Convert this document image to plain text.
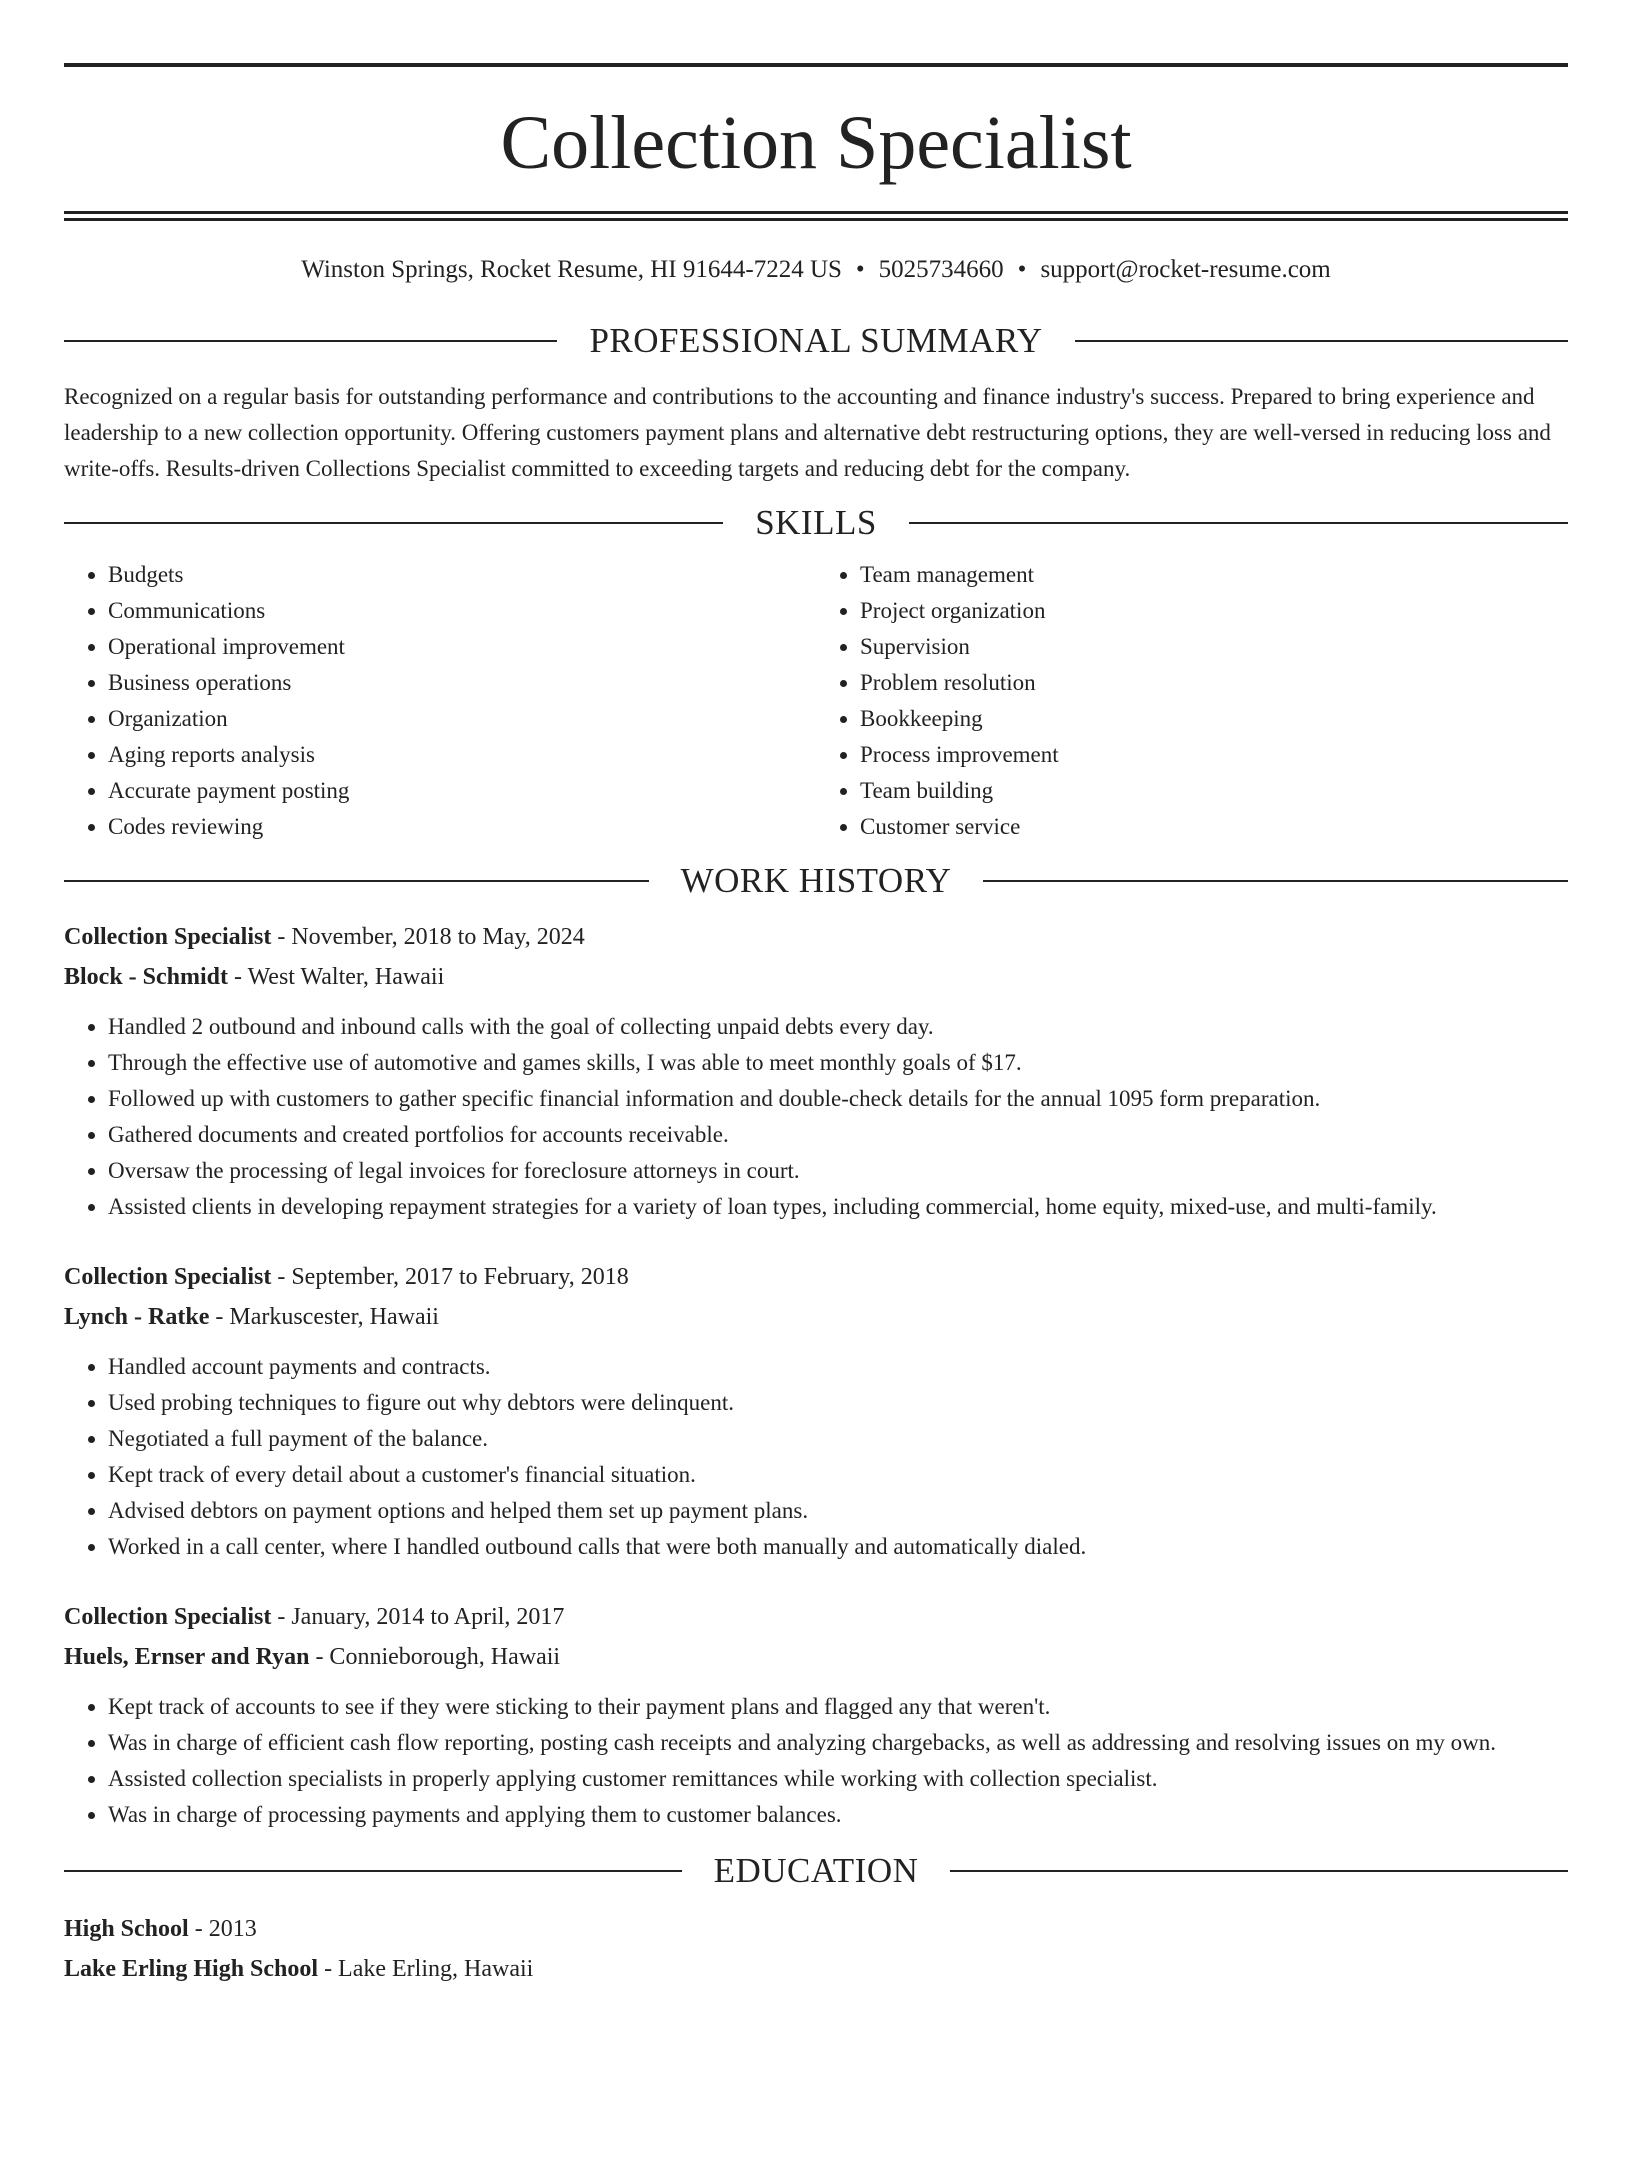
Collection Specialist
Winston Springs, Rocket Resume, HI 91644-7224 US • 5025734660 • support@rocket-resume.com
PROFESSIONAL SUMMARY

Recognized on a regular basis for outstanding performance and contributions to the accounting and finance industry's success. Prepared to bring experience and leadership to a new collection opportunity. Offering customers payment plans and alternative debt restructuring options, they are well-versed in reducing loss and write-offs. Results-driven Collections Specialist committed to exceeding targets and reducing debt for the company.

SKILLS
• Budgets
• Communications
• Operational improvement
• Business operations
• Organization
• Aging reports analysis
• Accurate payment posting
• Codes reviewing
• Team management
• Project organization
• Supervision
• Problem resolution
• Bookkeeping
• Process improvement
• Team building
• Customer service
WORK HISTORY
Collection Specialist - November, 2018 to May, 2024
Block - Schmidt - West Walter, Hawaii
• Handled 2 outbound and inbound calls with the goal of collecting unpaid debts every day.
• Through the effective use of automotive and games skills, I was able to meet monthly goals of $17.
• Followed up with customers to gather specific financial information and double-check details for the annual 1095 form preparation.
• Gathered documents and created portfolios for accounts receivable.
• Oversaw the processing of legal invoices for foreclosure attorneys in court.
• Assisted clients in developing repayment strategies for a variety of loan types, including commercial, home equity, mixed-use, and multi-family.
Collection Specialist - September, 2017 to February, 2018
Lynch - Ratke - Markuscester, Hawaii
• Handled account payments and contracts.
• Used probing techniques to figure out why debtors were delinquent.
• Negotiated a full payment of the balance.
• Kept track of every detail about a customer's financial situation.
• Advised debtors on payment options and helped them set up payment plans.
• Worked in a call center, where I handled outbound calls that were both manually and automatically dialed.
Collection Specialist - January, 2014 to April, 2017
Huels, Ernser and Ryan - Connieborough, Hawaii
• Kept track of accounts to see if they were sticking to their payment plans and flagged any that weren't.
• Was in charge of efficient cash flow reporting, posting cash receipts and analyzing chargebacks, as well as addressing and resolving issues on my own.
• Assisted collection specialists in properly applying customer remittances while working with collection specialist.
• Was in charge of processing payments and applying them to customer balances.
EDUCATION
High School - 2013
Lake Erling High School - Lake Erling, Hawaii
